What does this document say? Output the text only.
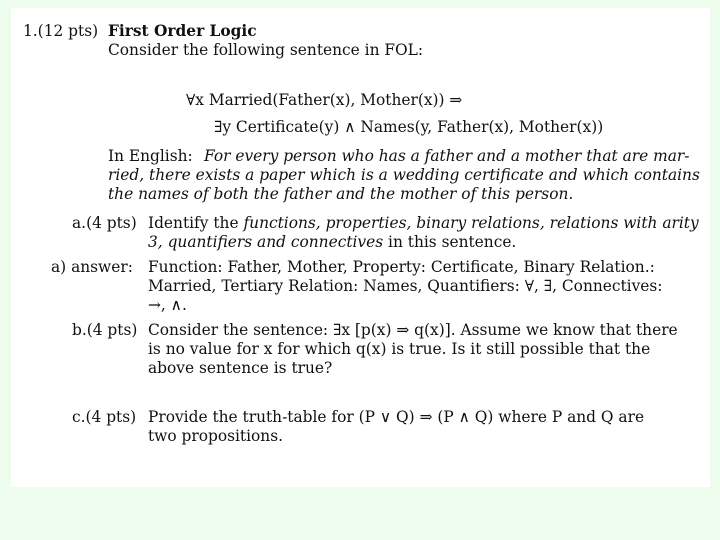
1.(12 pts) First Order Logic
Consider the following sentence in FOL:
∀x Married(Father(x), Mother(x)) ⇒
∃y Certificate(y) ∧ Names(y, Father(x), Mother(x))
In English: For every person who has a father and a mother that are mar-
ried, there exists a paper which is a wedding certificate and which contains
the names of both the father and the mother of this person.
a.(4 pts) Identify the functions, properties, binary relations, relations with arity
3, quantifiers and connectives in this sentence.
a) answer: Function: Father, Mother, Property: Certificate, Binary Relation.:
Married, Tertiary Relation: Names, Quantifiers: ∀, ∃, Connectives:
→, ∧.
b.(4 pts) Consider the sentence: ∃x [p(x) ⇒ q(x)]. Assume we know that there
is no value for x for which q(x) is true. Is it still possible that the
above sentence is true?
c.(4 pts) Provide the truth-table for (P ∨ Q) ⇒ (P ∧ Q) where P and Q are
two propositions.
